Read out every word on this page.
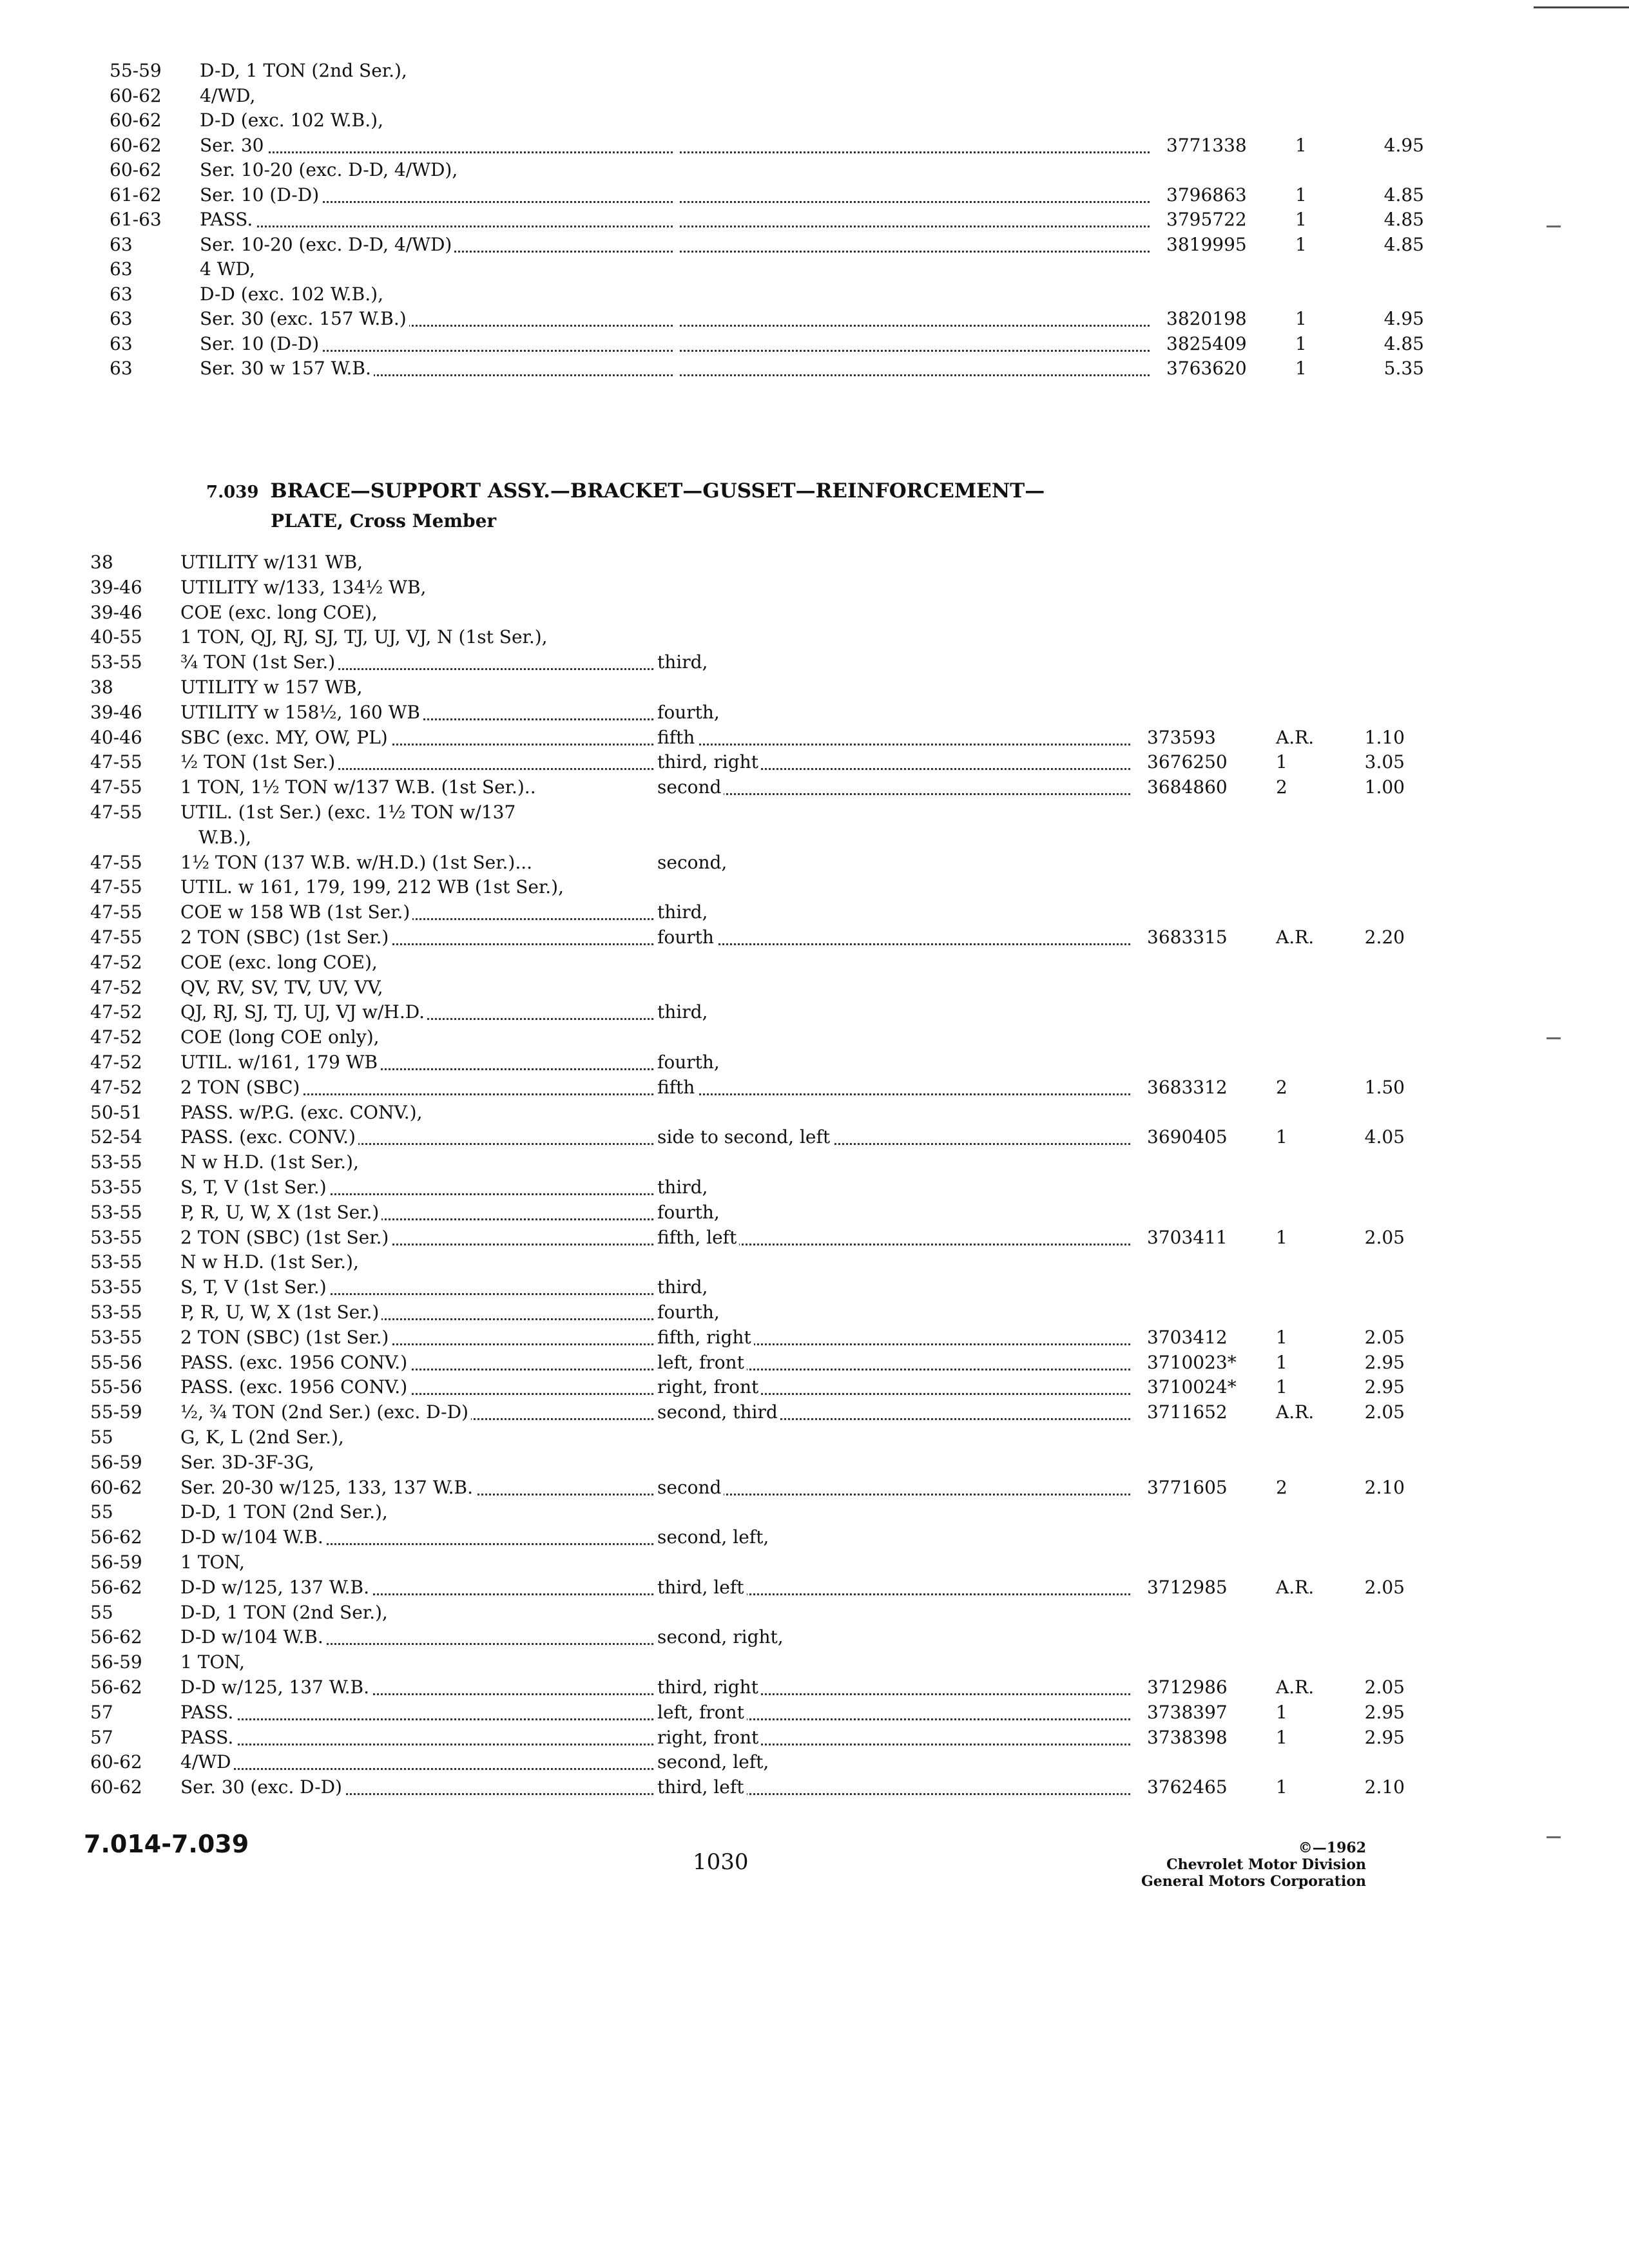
55-59	D-D, 1 TON (2nd Ser.),
60-62	4/WD,
60-62	D-D (exc. 102 W.B.),
60-62	Ser. 30	3771338	1	4.95
60-62	Ser. 10-20 (exc. D-D, 4/WD),
61-62	Ser. 10 (D-D)	3796863	1	4.85
61-63	PASS.	3795722	1	4.85
63	Ser. 10-20 (exc. D-D, 4/WD)	3819995	1	4.85
63	4 WD,
63	D-D (exc. 102 W.B.),
63	Ser. 30 (exc. 157 W.B.)	3820198	1	4.95
63	Ser. 10 (D-D)	3825409	1	4.85
63	Ser. 30 w 157 W.B.	3763620	1	5.35
7.039 BRACE—SUPPORT ASSY.—BRACKET—GUSSET—REINFORCEMENT—
PLATE, Cross Member
38	UTILITY w/131 WB,
39-46	UTILITY w/133, 134½ WB,
39-46	COE (exc. long COE),
40-55	1 TON, QJ, RJ, SJ, TJ, UJ, VJ, N (1st Ser.),
53-55	¾ TON (1st Ser.)	third,
38	UTILITY w 157 WB,
39-46	UTILITY w 158½, 160 WB	fourth,
40-46	SBC (exc. MY, OW, PL)	fifth	373593	A.R.	1.10
47-55	½ TON (1st Ser.)	third, right	3676250	1	3.05
47-55	1 TON, 1½ TON w/137 W.B. (1st Ser.)..	second	3684860	2	1.00
47-55	UTIL. (1st Ser.) (exc. 1½ TON w/137
W.B.),
47-55	1½ TON (137 W.B. w/H.D.) (1st Ser.)...	second,
47-55	UTIL. w 161, 179, 199, 212 WB (1st Ser.),
47-55	COE w 158 WB (1st Ser.)	third,
47-55	2 TON (SBC) (1st Ser.)	fourth	3683315	A.R.	2.20
47-52	COE (exc. long COE),
47-52	QV, RV, SV, TV, UV, VV,
47-52	QJ, RJ, SJ, TJ, UJ, VJ w/H.D.	third,
47-52	COE (long COE only),
47-52	UTIL. w/161, 179 WB	fourth,
47-52	2 TON (SBC)	fifth	3683312	2	1.50
50-51	PASS. w/P.G. (exc. CONV.),
52-54	PASS. (exc. CONV.)	side to second, left	3690405	1	4.05
53-55	N w H.D. (1st Ser.),
53-55	S, T, V (1st Ser.)	third,
53-55	P, R, U, W, X (1st Ser.)	fourth,
53-55	2 TON (SBC) (1st Ser.)	fifth, left	3703411	1	2.05
53-55	N w H.D. (1st Ser.),
53-55	S, T, V (1st Ser.)	third,
53-55	P, R, U, W, X (1st Ser.)	fourth,
53-55	2 TON (SBC) (1st Ser.)	fifth, right	3703412	1	2.05
55-56	PASS. (exc. 1956 CONV.)	left, front	3710023*	1	2.95
55-56	PASS. (exc. 1956 CONV.)	right, front	3710024*	1	2.95
55-59	½, ¾ TON (2nd Ser.) (exc. D-D)	second, third	3711652	A.R.	2.05
55	G, K, L (2nd Ser.),
56-59	Ser. 3D-3F-3G,
60-62	Ser. 20-30 w/125, 133, 137 W.B.	second	3771605	2	2.10
55	D-D, 1 TON (2nd Ser.),
56-62	D-D w/104 W.B.	second, left,
56-59	1 TON,
56-62	D-D w/125, 137 W.B.	third, left	3712985	A.R.	2.05
55	D-D, 1 TON (2nd Ser.),
56-62	D-D w/104 W.B.	second, right,
56-59	1 TON,
56-62	D-D w/125, 137 W.B.	third, right	3712986	A.R.	2.05
57	PASS.	left, front	3738397	1	2.95
57	PASS.	right, front	3738398	1	2.95
60-62	4/WD	second, left,
60-62	Ser. 30 (exc. D-D)	third, left	3762465	1	2.10
7.014-7.039
1030
©—1962
Chevrolet Motor Division
General Motors Corporation
